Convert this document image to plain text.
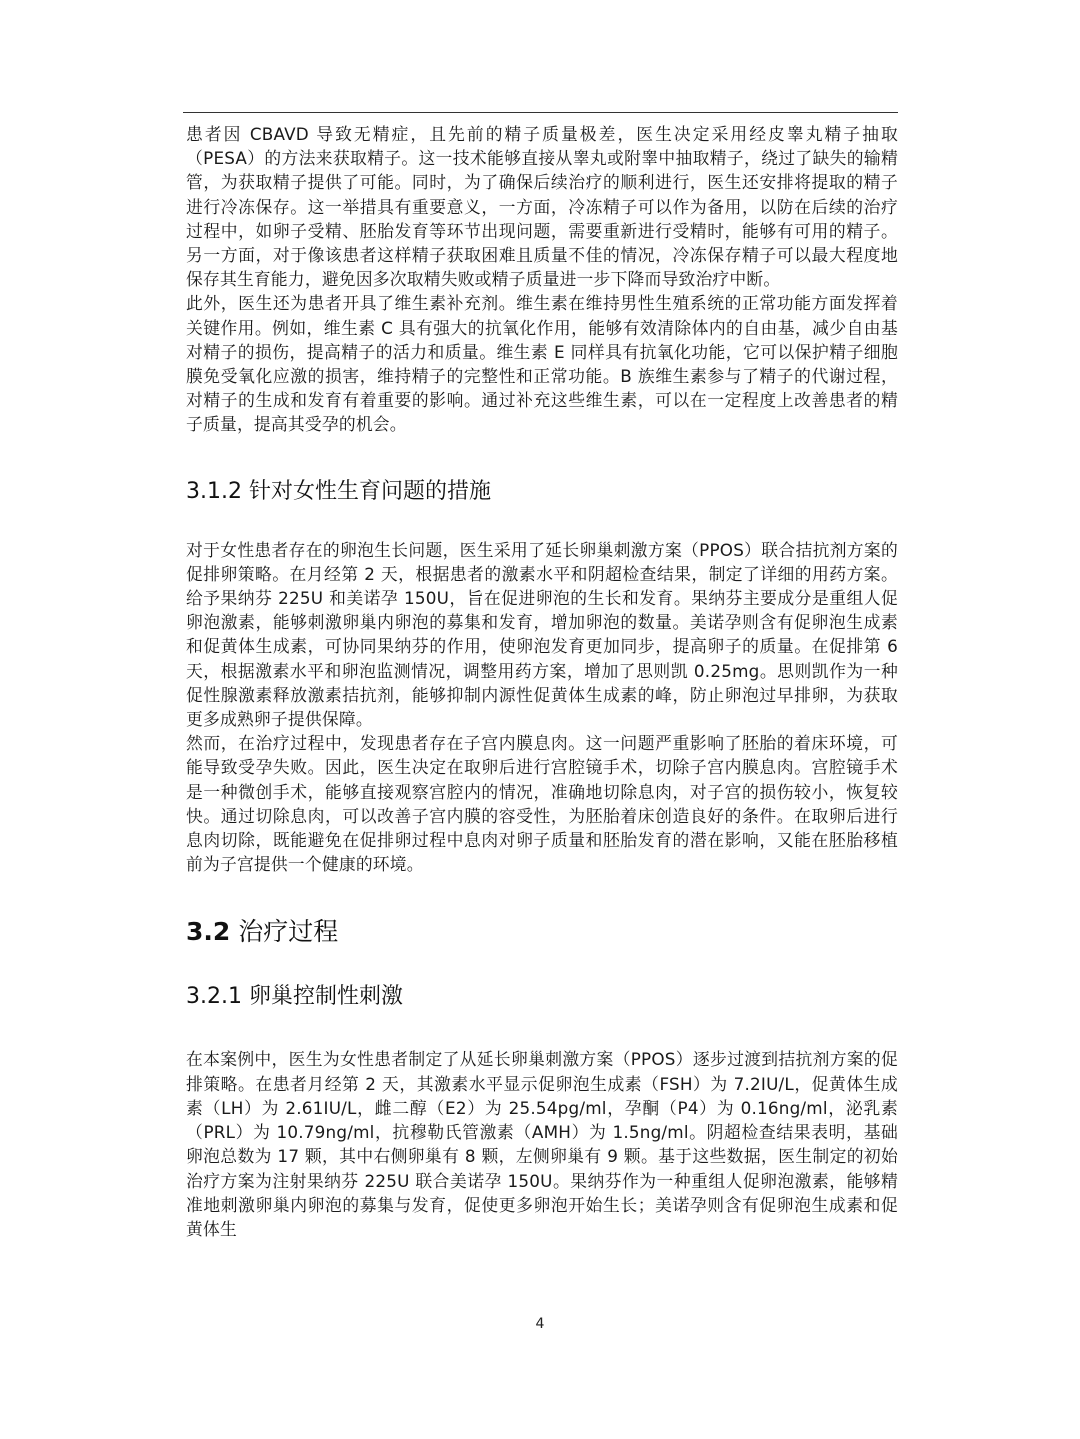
患者因 CBAVD 导致无精症，且先前的精子质量极差，医生决定采用经皮睾丸精子抽取（PESA）的方法来获取精子。这一技术能够直接从睾丸或附睾中抽取精子，绕过了缺失的输精管，为获取精子提供了可能。同时，为了确保后续治疗的顺利进行，医生还安排将提取的精子进行冷冻保存。这一举措具有重要意义，一方面，冷冻精子可以作为备用，以防在后续的治疗过程中，如卵子受精、胚胎发育等环节出现问题，需要重新进行受精时，能够有可用的精子。另一方面，对于像该患者这样精子获取困难且质量不佳的情况，冷冻保存精子可以最大程度地保存其生育能力，避免因多次取精失败或精子质量进一步下降而导致治疗中断。

此外，医生还为患者开具了维生素补充剂。维生素在维持男性生殖系统的正常功能方面发挥着关键作用。例如，维生素 C 具有强大的抗氧化作用，能够有效清除体内的自由基，减少自由基对精子的损伤，提高精子的活力和质量。维生素 E 同样具有抗氧化功能，它可以保护精子细胞膜免受氧化应激的损害，维持精子的完整性和正常功能。B 族维生素参与了精子的代谢过程，对精子的生成和发育有着重要的影响。通过补充这些维生素，可以在一定程度上改善患者的精子质量，提高其受孕的机会。

3.1.2 针对女性生育问题的措施

对于女性患者存在的卵泡生长问题，医生采用了延长卵巢刺激方案（PPOS）联合拮抗剂方案的促排卵策略。在月经第 2 天，根据患者的激素水平和阴超检查结果，制定了详细的用药方案。给予果纳芬 225U 和美诺孕 150U，旨在促进卵泡的生长和发育。果纳芬主要成分是重组人促卵泡激素，能够刺激卵巢内卵泡的募集和发育，增加卵泡的数量。美诺孕则含有促卵泡生成素和促黄体生成素，可协同果纳芬的作用，使卵泡发育更加同步，提高卵子的质量。在促排第 6 天，根据激素水平和卵泡监测情况，调整用药方案，增加了思则凯 0.25mg。思则凯作为一种促性腺激素释放激素拮抗剂，能够抑制内源性促黄体生成素的峰，防止卵泡过早排卵，为获取更多成熟卵子提供保障。

然而，在治疗过程中，发现患者存在子宫内膜息肉。这一问题严重影响了胚胎的着床环境，可能导致受孕失败。因此，医生决定在取卵后进行宫腔镜手术，切除子宫内膜息肉。宫腔镜手术是一种微创手术，能够直接观察宫腔内的情况，准确地切除息肉，对子宫的损伤较小，恢复较快。通过切除息肉，可以改善子宫内膜的容受性，为胚胎着床创造良好的条件。在取卵后进行息肉切除，既能避免在促排卵过程中息肉对卵子质量和胚胎发育的潜在影响，又能在胚胎移植前为子宫提供一个健康的环境。

3.2 治疗过程
3.2.1 卵巢控制性刺激

在本案例中，医生为女性患者制定了从延长卵巢刺激方案（PPOS）逐步过渡到拮抗剂方案的促排策略。在患者月经第 2 天，其激素水平显示促卵泡生成素（FSH）为 7.2IU/L，促黄体生成素（LH）为 2.61IU/L，雌二醇（E2）为 25.54pg/ml，孕酮（P4）为 0.16ng/ml，泌乳素（PRL）为 10.79ng/ml，抗穆勒氏管激素（AMH）为 1.5ng/ml。阴超检查结果表明，基础卵泡总数为 17 颗，其中右侧卵巢有 8 颗，左侧卵巢有 9 颗。基于这些数据，医生制定的初始治疗方案为注射果纳芬 225U 联合美诺孕 150U。果纳芬作为一种重组人促卵泡激素，能够精准地刺激卵巢内卵泡的募集与发育，促使更多卵泡开始生长；美诺孕则含有促卵泡生成素和促黄体生

4
